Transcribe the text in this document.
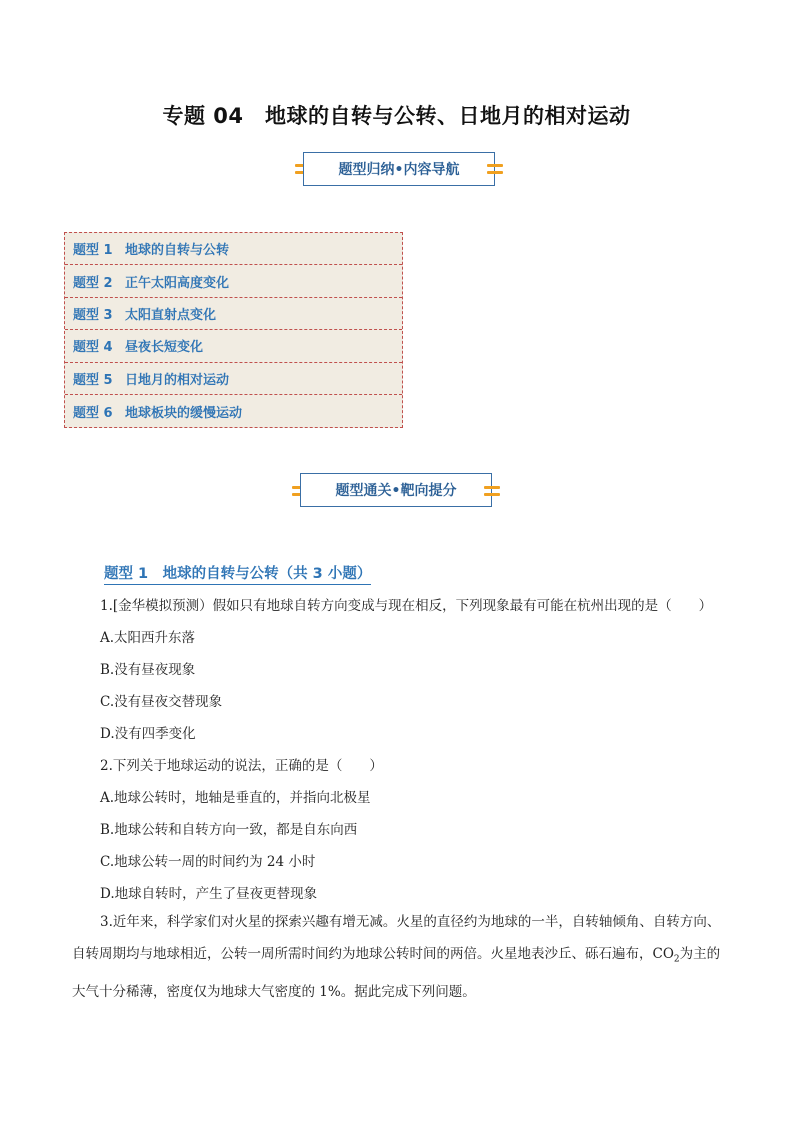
专题 04　地球的自转与公转、日地月的相对运动
题型归纳•内容导航
题型 1 地球的自转与公转
题型 2 正午太阳高度变化
题型 3 太阳直射点变化
题型 4 昼夜长短变化
题型 5 日地月的相对运动
题型 6 地球板块的缓慢运动
题型通关•靶向提分
题型 1　地球的自转与公转（共 3 小题）
1.[金华模拟预测）假如只有地球自转方向变成与现在相反，下列现象最有可能在杭州出现的是（　　）
A.太阳西升东落
B.没有昼夜现象
C.没有昼夜交替现象
D.没有四季变化
2.下列关于地球运动的说法，正确的是（　　）
A.地球公转时，地轴是垂直的，并指向北极星
B.地球公转和自转方向一致，都是自东向西
C.地球公转一周的时间约为 24 小时
D.地球自转时，产生了昼夜更替现象
3.近年来，科学家们对火星的探索兴趣有增无减。火星的直径约为地球的一半，自转轴倾角、自转方向、自转周期均与地球相近，公转一周所需时间约为地球公转时间的两倍。火星地表沙丘、砾石遍布，$CO_2$为主的大气十分稀薄，密度仅为地球大气密度的 1%。据此完成下列问题。
